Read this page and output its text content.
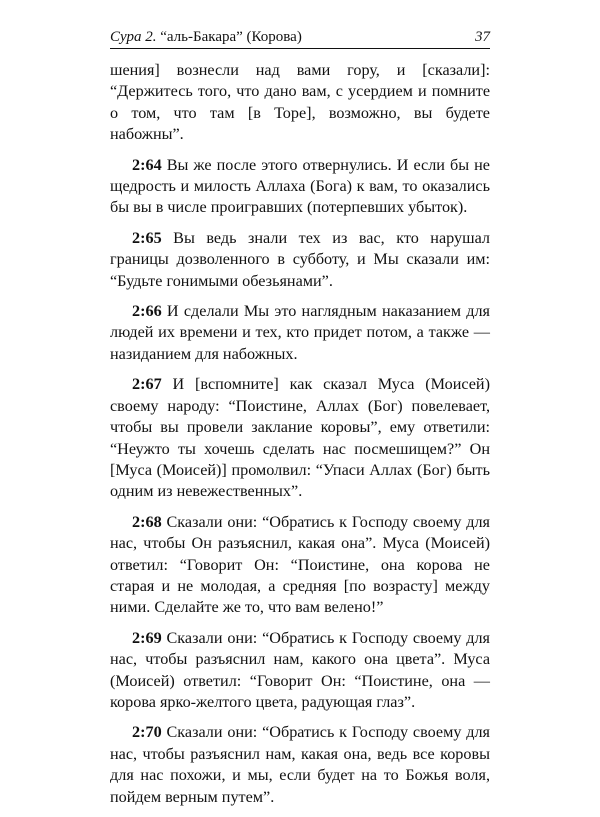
Сура 2. “аль-Бакара” (Корова)	37

шения] вознесли над вами гору, и [сказали]: “Держитесь того, что дано вам, с усердием и помните о том, что там [в Торе], возможно, вы будете набожны”.

2:64 Вы же после этого отвернулись. И если бы не щедрость и милость Аллаха (Бога) к вам, то оказались бы вы в числе проигравших (потерпевших убыток).

2:65 Вы ведь знали тех из вас, кто нарушал границы дозволенного в субботу, и Мы сказали им: “Будьте гонимыми обезьянами”.

2:66 И сделали Мы это наглядным наказанием для людей их времени и тех, кто придет потом, а также — назиданием для набожных.

2:67 И [вспомните] как сказал Муса (Моисей) своему народу: “Поистине, Аллах (Бог) повелевает, чтобы вы провели заклание коровы”, ему ответили: “Неужто ты хочешь сделать нас посмешищем?” Он [Муса (Моисей)] промолвил: “Упаси Аллах (Бог) быть одним из невежественных”.

2:68 Сказали они: “Обратись к Господу своему для нас, чтобы Он разъяснил, какая она”. Муса (Моисей) ответил: “Говорит Он: “Поистине, она корова не старая и не молодая, а средняя [по возрасту] между ними. Сделайте же то, что вам велено!”

2:69 Сказали они: “Обратись к Господу своему для нас, чтобы разъяснил нам, какого она цвета”. Муса (Моисей) ответил: “Говорит Он: “Поистине, она — корова ярко-желтого цвета, радующая глаз”.

2:70 Сказали они: “Обратись к Господу своему для нас, чтобы разъяснил нам, какая она, ведь все коровы для нас похожи, и мы, если будет на то Божья воля, пойдем верным путем”.
